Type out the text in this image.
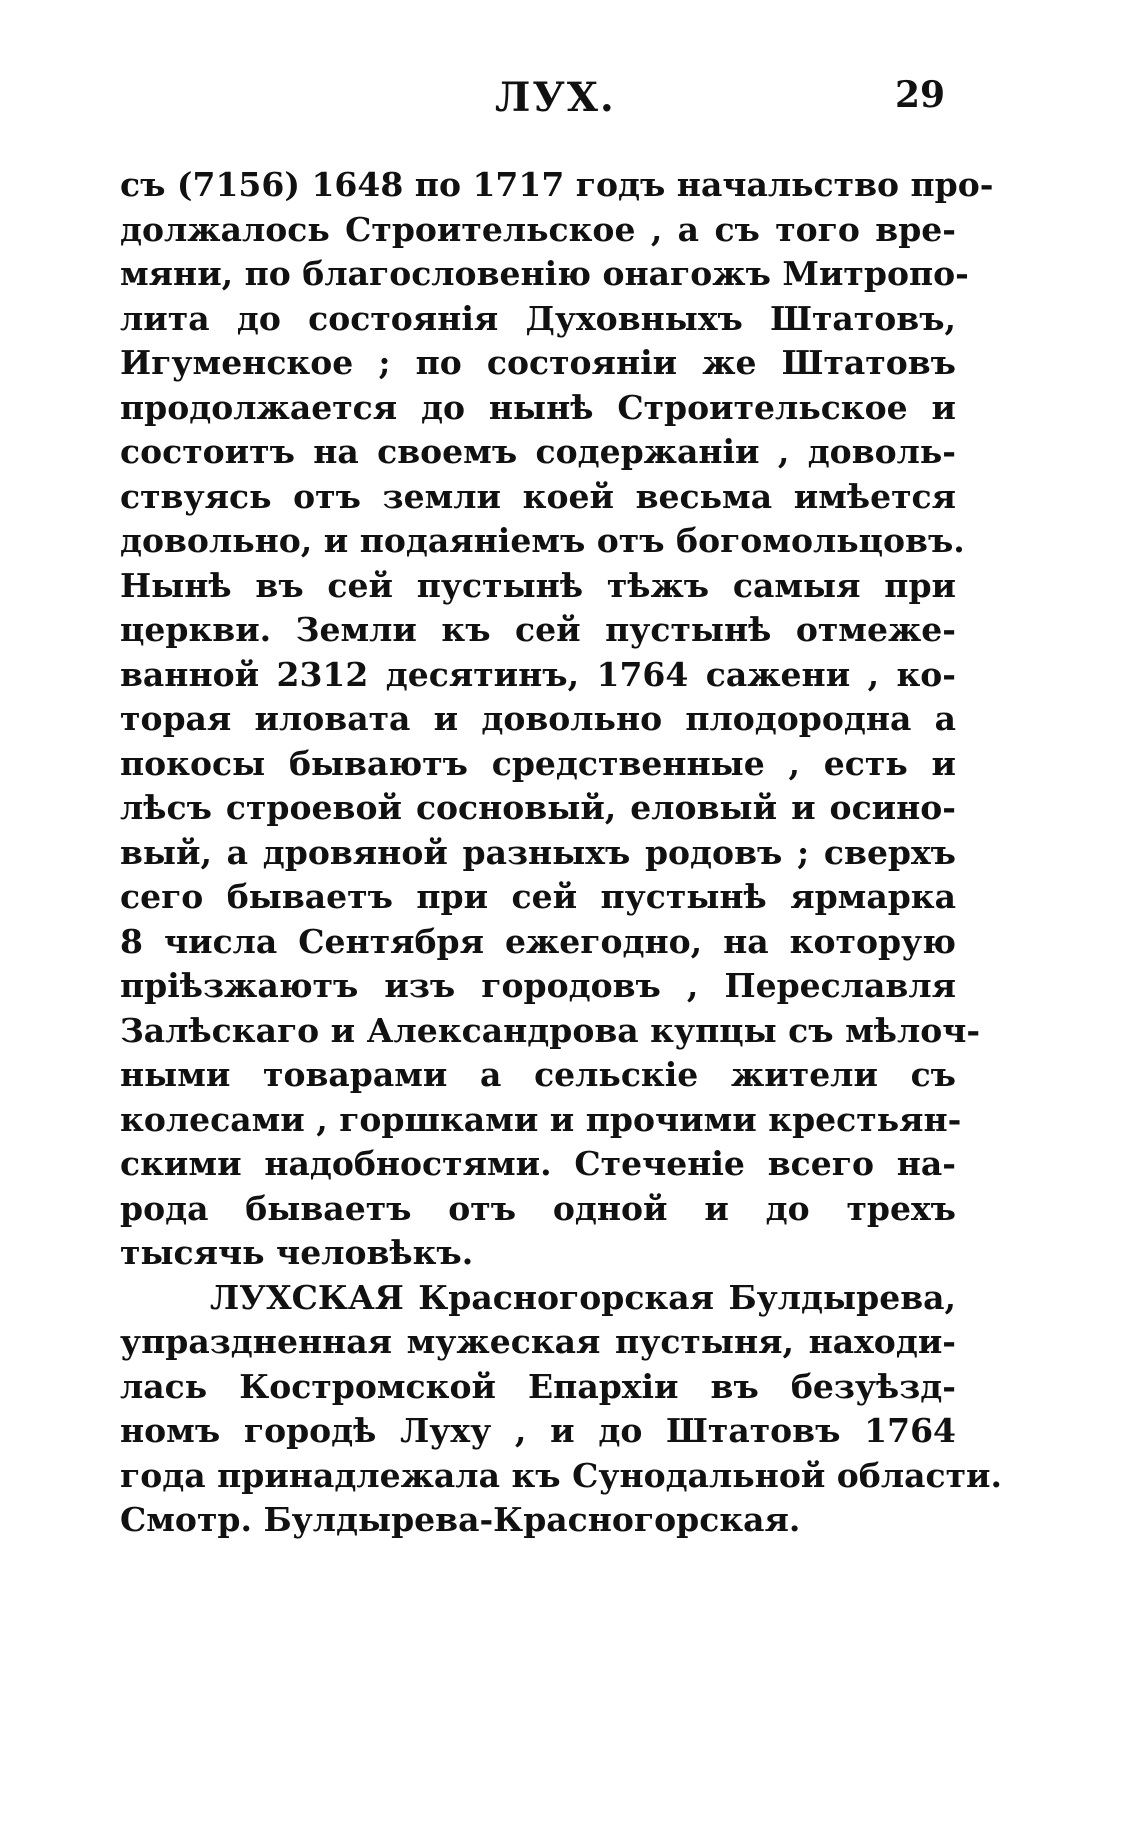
ЛУХ.	29
съ (7156) 1648 по 1717 годъ начальство про-
должалось Строительское , а съ того вре-
мяни, по благословенію онагожъ Митропо-
лита до состоянія Духовныхъ Штатовъ,
Игуменское ; по состоянiи же Штатовъ
продолжается до нынѣ Строительское и
состоитъ на своемъ содержанiи , доволь-
ствуясь отъ земли коей весьма имѣется
довольно, и подаянiемъ отъ богомольцовъ.
Нынѣ въ сей пустынѣ тѣжъ самыя при
церкви. Земли къ сей пустынѣ отмеже-
ванной 2312 десятинъ, 1764 сажени , ко-
торая иловата и довольно плодородна а
покосы бываютъ средственные , есть и
лѣсъ строевой сосновый, еловый и осино-
вый, а дровяной разныхъ родовъ ; сверхъ
сего бываетъ при сей пустынѣ ярмарка
8 числа Сентября ежегодно, на которую
прiѣзжаютъ изъ городовъ , Переславля
Залѣскаго и Александрова купцы съ мѣлоч-
ными товарами а сельскiе жители съ
колесами , горшками и прочими крестьян-
скими надобностями. Стеченiе всего на-
рода бываетъ отъ одной и до трехъ
тысячь человѣкъ.
ЛУХСКАЯ Красногорская Булдырева,
упраздненная мужеская пустыня, находи-
лась Костромской Епархiи въ безуѣзд-
номъ городѣ Луху , и до Штатовъ 1764
года принадлежала къ Сунодальной области.
Смотр. Булдырева-Красногорская.
